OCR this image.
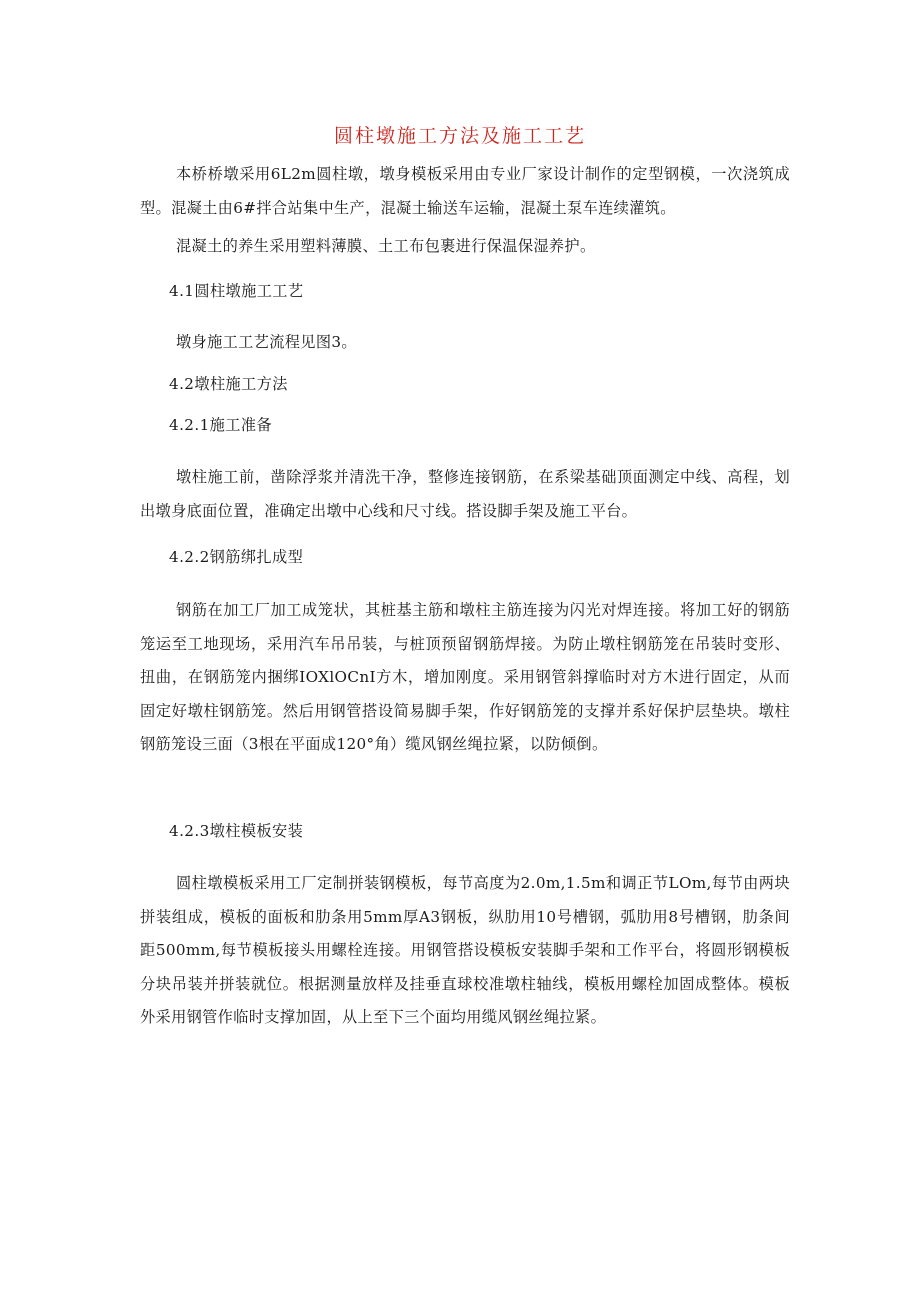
圆柱墩施工方法及施工工艺
本桥桥墩采用6L2m圆柱墩，墩身模板采用由专业厂家设计制作的定型钢模，一次浇筑成型。混凝土由6#拌合站集中生产，混凝土输送车运输，混凝土泵车连续灌筑。
混凝土的养生采用塑料薄膜、土工布包裹进行保温保湿养护。
4.1圆柱墩施工工艺
墩身施工工艺流程见图3。
4.2墩柱施工方法
4.2.1施工准备
墩柱施工前，凿除浮浆并清洗干净，整修连接钢筋，在系梁基础顶面测定中线、高程，划出墩身底面位置，准确定出墩中心线和尺寸线。搭设脚手架及施工平台。
4.2.2钢筋绑扎成型
钢筋在加工厂加工成笼状，其桩基主筋和墩柱主筋连接为闪光对焊连接。将加工好的钢筋笼运至工地现场，采用汽车吊吊装，与桩顶预留钢筋焊接。为防止墩柱钢筋笼在吊装时变形、扭曲，在钢筋笼内捆绑IOXlOCnI方木，增加刚度。采用钢管斜撑临时对方木进行固定，从而固定好墩柱钢筋笼。然后用钢管搭设简易脚手架，作好钢筋笼的支撑并系好保护层垫块。墩柱钢筋笼设三面（3根在平面成120°角）缆风钢丝绳拉紧，以防倾倒。
4.2.3墩柱模板安装
圆柱墩模板采用工厂定制拼装钢模板，每节高度为2.0m,1.5m和调正节LOm,每节由两块拼装组成，模板的面板和肋条用5mm厚A3钢板，纵肋用10号槽钢，弧肋用8号槽钢，肋条间距500mm,每节模板接头用螺栓连接。用钢管搭设模板安装脚手架和工作平台，将圆形钢模板分块吊装并拼装就位。根据测量放样及挂垂直球校准墩柱轴线，模板用螺栓加固成整体。模板外采用钢管作临时支撑加固，从上至下三个面均用缆风钢丝绳拉紧。
